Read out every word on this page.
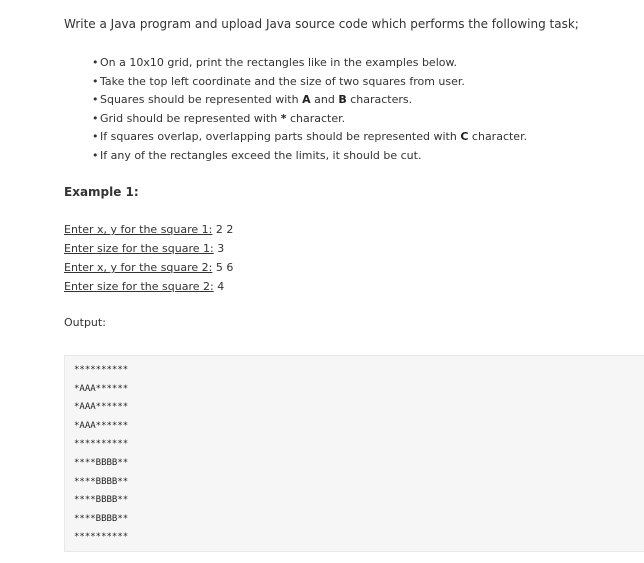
Write a Java program and upload Java source code which performs the following task;
• On a 10x10 grid, print the rectangles like in the examples below.
• Take the top left coordinate and the size of two squares from user.
• Squares should be represented with A and B characters.
• Grid should be represented with * character.
• If squares overlap, overlapping parts should be represented with C character.
• If any of the rectangles exceed the limits, it should be cut.
Example 1:
Enter x, y for the square 1: 2 2
Enter size for the square 1: 3
Enter x, y for the square 2: 5 6
Enter size for the square 2: 4
Output:
**********
*AAA******
*AAA******
*AAA******
**********
****BBBB**
****BBBB**
****BBBB**
****BBBB**
**********
